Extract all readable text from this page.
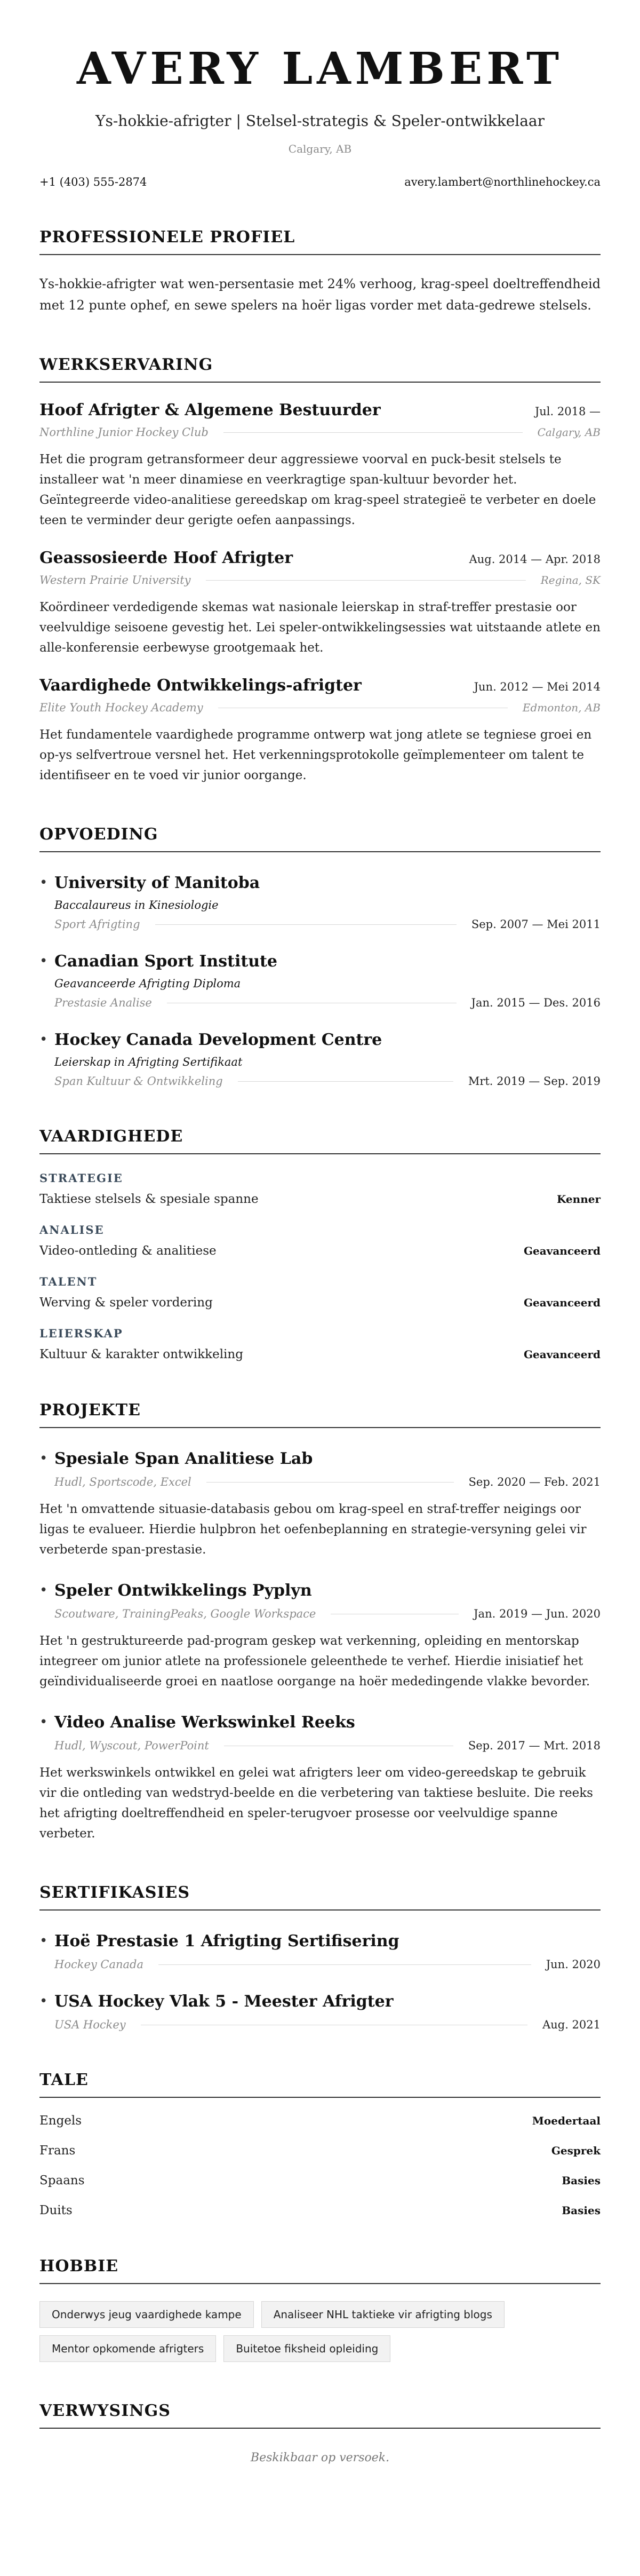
AVERY LAMBERT
Ys-hokkie-afrigter | Stelsel-strategis & Speler-ontwikkelaar
Calgary, AB
+1 (403) 555-2874	avery.lambert@northlinehockey.ca
PROFESSIONELE PROFIEL

Ys-hokkie-afrigter wat wen-persentasie met 24% verhoog, krag-speel doeltreffendheid met 12 punte ophef, en sewe spelers na hoër ligas vorder met data-gedrewe stelsels.

WERKSERVARING
Hoof Afrigter & Algemene Bestuurder	Jul. 2018 —
Northline Junior Hockey Club	Calgary, AB
Het die program getransformeer deur aggressiewe voorval en puck-besit stelsels te installeer wat 'n meer dinamiese en veerkragtige span-kultuur bevorder het. Geïntegreerde video-analitiese gereedskap om krag-speel strategieë te verbeter en doele teen te verminder deur gerigte oefen aanpassings.
Geassosieerde Hoof Afrigter	Aug. 2014 — Apr. 2018
Western Prairie University	Regina, SK
Koördineer verdedigende skemas wat nasionale leierskap in straf-treffer prestasie oor veelvuldige seisoene gevestig het. Lei speler-ontwikkelingsessies wat uitstaande atlete en alle-konferensie eerbewyse grootgemaak het.
Vaardighede Ontwikkelings-afrigter	Jun. 2012 — Mei 2014
Elite Youth Hockey Academy	Edmonton, AB
Het fundamentele vaardighede programme ontwerp wat jong atlete se tegniese groei en op-ys selfvertroue versnel het. Het verkenningsprotokolle geïmplementeer om talent te identifiseer en te voed vir junior oorgange.
OPVOEDING
• University of Manitoba
Baccalaureus in Kinesiologie
Sport Afrigting	Sep. 2007 — Mei 2011
• Canadian Sport Institute
Geavanceerde Afrigting Diploma
Prestasie Analise	Jan. 2015 — Des. 2016
• Hockey Canada Development Centre
Leierskap in Afrigting Sertifikaat
Span Kultuur & Ontwikkeling	Mrt. 2019 — Sep. 2019
VAARDIGHEDE
STRATEGIE
Taktiese stelsels & spesiale spanne	Kenner
ANALISE
Video-ontleding & analitiese	Geavanceerd
TALENT
Werving & speler vordering	Geavanceerd
LEIERSKAP
Kultuur & karakter ontwikkeling	Geavanceerd
PROJEKTE
• Spesiale Span Analitiese Lab
Hudl, Sportscode, Excel	Sep. 2020 — Feb. 2021
Het 'n omvattende situasie-databasis gebou om krag-speel en straf-treffer neigings oor ligas te evalueer. Hierdie hulpbron het oefenbeplanning en strategie-versyning gelei vir verbeterde span-prestasie.
• Speler Ontwikkelings Pyplyn
Scoutware, TrainingPeaks, Google Workspace	Jan. 2019 — Jun. 2020
Het 'n gestruktureerde pad-program geskep wat verkenning, opleiding en mentorskap integreer om junior atlete na professionele geleenthede te verhef. Hierdie inisiatief het geïndividualiseerde groei en naatlose oorgange na hoër mededingende vlakke bevorder.
• Video Analise Werkswinkel Reeks
Hudl, Wyscout, PowerPoint	Sep. 2017 — Mrt. 2018
Het werkswinkels ontwikkel en gelei wat afrigters leer om video-gereedskap te gebruik vir die ontleding van wedstryd-beelde en die verbetering van taktiese besluite. Die reeks het afrigting doeltreffendheid en speler-terugvoer prosesse oor veelvuldige spanne verbeter.
SERTIFIKASIES
• Hoë Prestasie 1 Afrigting Sertifisering
Hockey Canada	Jun. 2020
• USA Hockey Vlak 5 - Meester Afrigter
USA Hockey	Aug. 2021
TALE
Engels	Moedertaal
Frans	Gesprek
Spaans	Basies
Duits	Basies
HOBBIE
Onderwys jeug vaardighede kampe	Analiseer NHL taktieke vir afrigting blogs
Mentor opkomende afrigters	Buitetoe fiksheid opleiding
VERWYSINGS
Beskikbaar op versoek.
